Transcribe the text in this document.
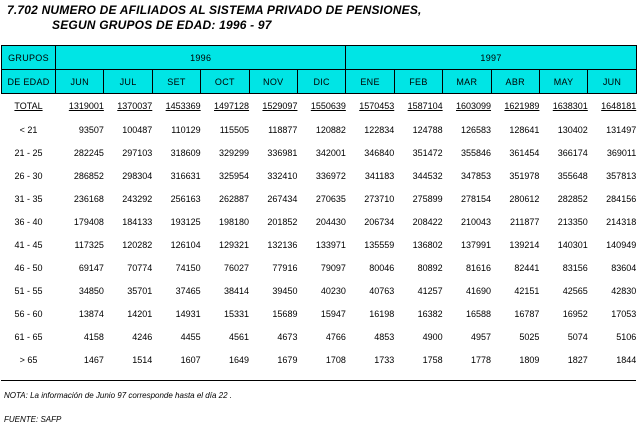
7.702 NUMERO DE AFILIADOS AL SISTEMA PRIVADO DE PENSIONES,
SEGUN GRUPOS DE EDAD: 1996 - 97
GRUPOS	1996						1997					
DE EDAD	JUN	JUL	SET	OCT	NOV	DIC	ENE	FEB	MAR	ABR	MAY	JUN
TOTAL	1319001	1370037	1453369	1497128	1529097	1550639	1570453	1587104	1603099	1621989	1638301	1648181
< 21	93507	100487	110129	115505	118877	120882	122834	124788	126583	128641	130402	131497
21 - 25	282245	297103	318609	329299	336981	342001	346840	351472	355846	361454	366174	369011
26 - 30	286852	298304	316631	325954	332410	336972	341183	344532	347853	351978	355648	357813
31 - 35	236168	243292	256163	262887	267434	270635	273710	275899	278154	280612	282852	284156
36 - 40	179408	184133	193125	198180	201852	204430	206734	208422	210043	211877	213350	214318
41 - 45	117325	120282	126104	129321	132136	133971	135559	136802	137991	139214	140301	140949
46 - 50	69147	70774	74150	76027	77916	79097	80046	80892	81616	82441	83156	83604
51 - 55	34850	35701	37465	38414	39450	40230	40763	41257	41690	42151	42565	42830
56 - 60	13874	14201	14931	15331	15689	15947	16198	16382	16588	16787	16952	17053
61 - 65	4158	4246	4455	4561	4673	4766	4853	4900	4957	5025	5074	5106
> 65	1467	1514	1607	1649	1679	1708	1733	1758	1778	1809	1827	1844
NOTA: La información de Junio 97 corresponde hasta el día 22 .
FUENTE: SAFP
